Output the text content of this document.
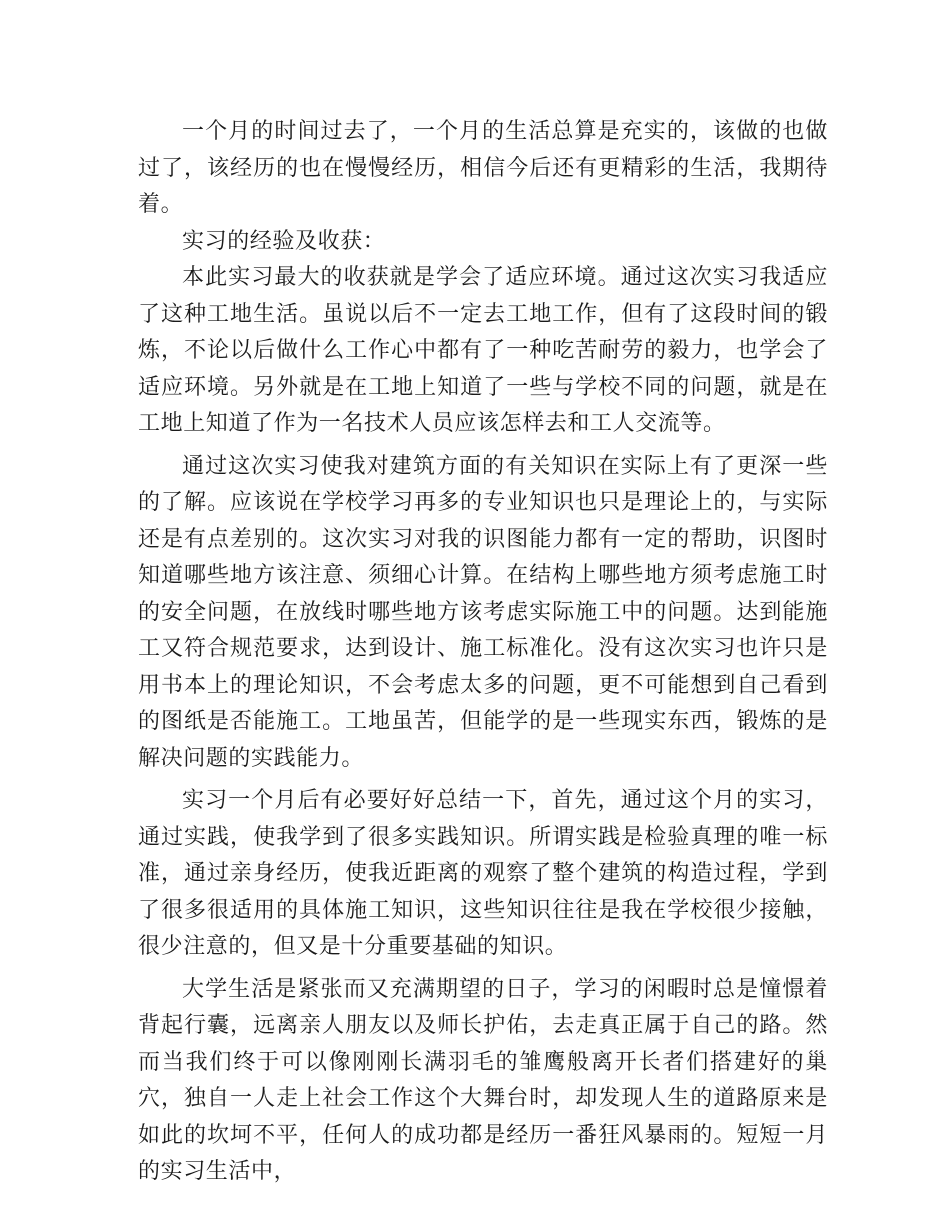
一个月的时间过去了，一个月的生活总算是充实的，该做的也做过了，该经历的也在慢慢经历，相信今后还有更精彩的生活，我期待着。

实习的经验及收获：

本此实习最大的收获就是学会了适应环境。通过这次实习我适应了这种工地生活。虽说以后不一定去工地工作，但有了这段时间的锻炼，不论以后做什么工作心中都有了一种吃苦耐劳的毅力，也学会了适应环境。另外就是在工地上知道了一些与学校不同的问题，就是在工地上知道了作为一名技术人员应该怎样去和工人交流等。

通过这次实习使我对建筑方面的有关知识在实际上有了更深一些的了解。应该说在学校学习再多的专业知识也只是理论上的，与实际还是有点差别的。这次实习对我的识图能力都有一定的帮助，识图时知道哪些地方该注意、须细心计算。在结构上哪些地方须考虑施工时的安全问题，在放线时哪些地方该考虑实际施工中的问题。达到能施工又符合规范要求，达到设计、施工标准化。没有这次实习也许只是用书本上的理论知识，不会考虑太多的问题，更不可能想到自己看到的图纸是否能施工。工地虽苦，但能学的是一些现实东西，锻炼的是解决问题的实践能力。

实习一个月后有必要好好总结一下，首先，通过这个月的实习，通过实践，使我学到了很多实践知识。所谓实践是检验真理的唯一标准，通过亲身经历，使我近距离的观察了整个建筑的构造过程，学到了很多很适用的具体施工知识，这些知识往往是我在学校很少接触，很少注意的，但又是十分重要基础的知识。

大学生活是紧张而又充满期望的日子，学习的闲暇时总是憧憬着背起行囊，远离亲人朋友以及师长护佑，去走真正属于自己的路。然而当我们终于可以像刚刚长满羽毛的雏鹰般离开长者们搭建好的巢穴，独自一人走上社会工作这个大舞台时，却发现人生的道路原来是如此的坎坷不平，任何人的成功都是经历一番狂风暴雨的。短短一月的实习生活中，
